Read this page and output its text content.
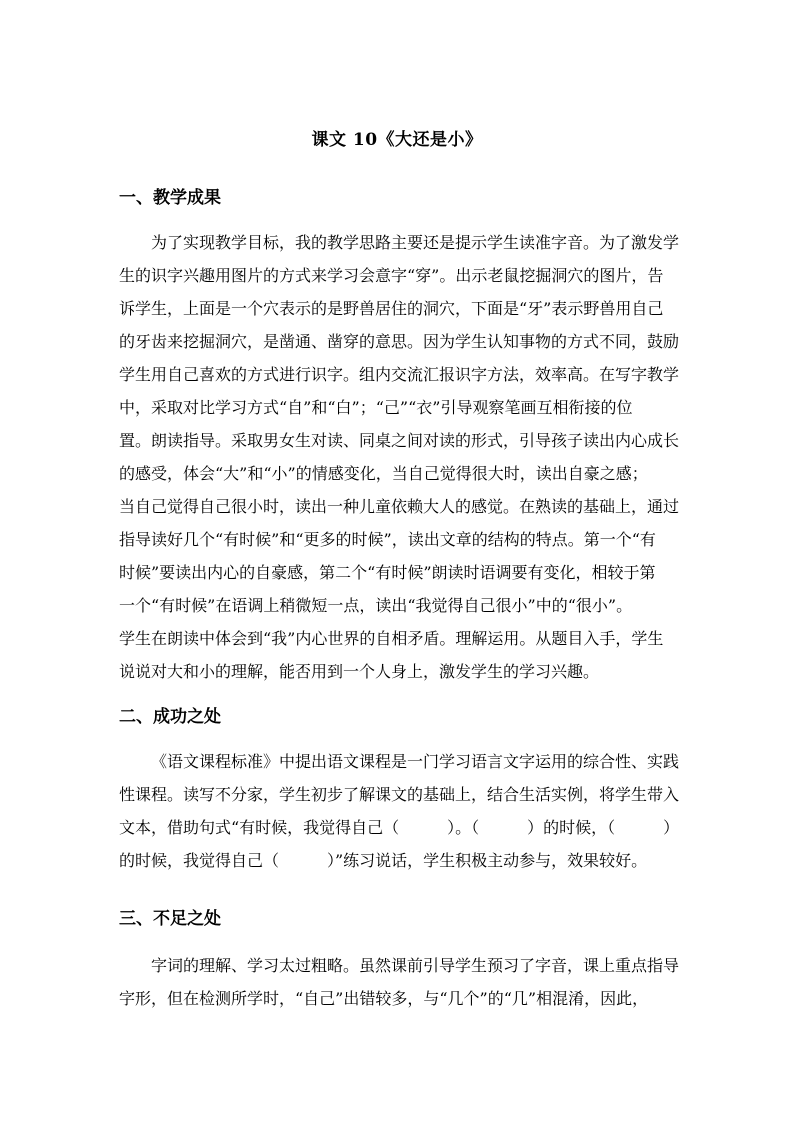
课文 10《大还是小》
一、教学成果
为了实现教学目标，我的教学思路主要还是提示学生读准字音。为了激发学
生的识字兴趣用图片的方式来学习会意字“穿”。出示老鼠挖掘洞穴的图片，告
诉学生，上面是一个穴表示的是野兽居住的洞穴，下面是“牙”表示野兽用自己
的牙齿来挖掘洞穴，是凿通、凿穿的意思。因为学生认知事物的方式不同，鼓励
学生用自己喜欢的方式进行识字。组内交流汇报识字方法，效率高。在写字教学
中，采取对比学习方式“自”和“白”；“己”“衣”引导观察笔画互相衔接的位
置。朗读指导。采取男女生对读、同桌之间对读的形式，引导孩子读出内心成长
的感受，体会“大”和“小”的情感变化，当自己觉得很大时，读出自豪之感；
当自己觉得自己很小时，读出一种儿童依赖大人的感觉。在熟读的基础上，通过
指导读好几个“有时候”和“更多的时候”，读出文章的结构的特点。第一个“有
时候”要读出内心的自豪感，第二个“有时候”朗读时语调要有变化，相较于第
一个“有时候”在语调上稍微短一点，读出“我觉得自己很小”中的“很小”。
学生在朗读中体会到“我”内心世界的自相矛盾。理解运用。从题目入手，学生
说说对大和小的理解，能否用到一个人身上，激发学生的学习兴趣。
二、成功之处
《语文课程标准》中提出语文课程是一门学习语言文字运用的综合性、实践
性课程。读写不分家，学生初步了解课文的基础上，结合生活实例，将学生带入
文本，借助句式“有时候，我觉得自己（　　　）。（　　　）的时候，（　　　）
的时候，我觉得自己（　　　）”练习说话，学生积极主动参与，效果较好。
三、不足之处
字词的理解、学习太过粗略。虽然课前引导学生预习了字音，课上重点指导
字形，但在检测所学时，“自己”出错较多，与“几个”的“几”相混淆，因此，
